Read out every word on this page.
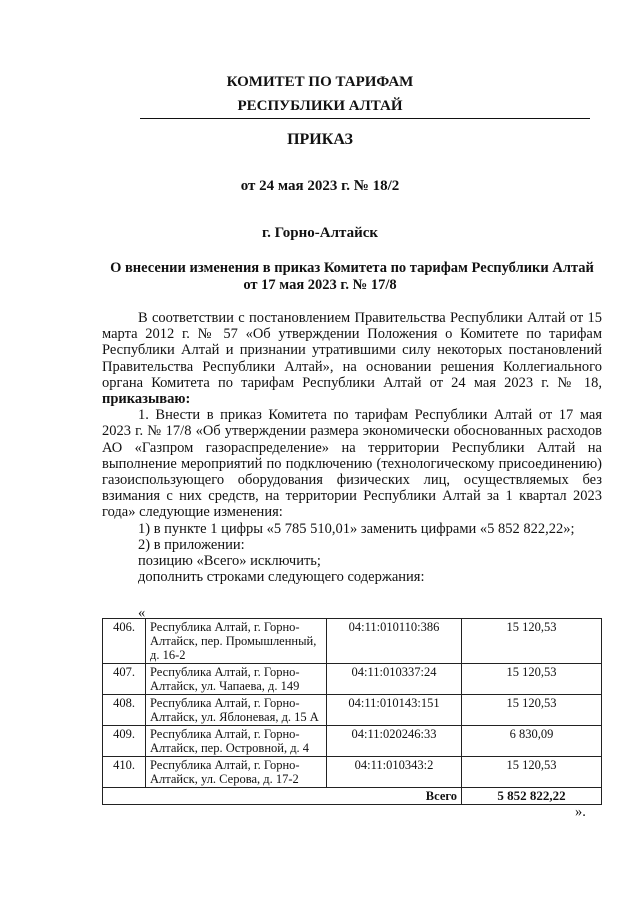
КОМИТЕТ ПО ТАРИФАМ
РЕСПУБЛИКИ АЛТАЙ
ПРИКАЗ
от 24 мая 2023 г. № 18/2
г. Горно-Алтайск
О внесении изменения в приказ Комитета по тарифам Республики Алтай
от 17 мая 2023 г. № 17/8

В соответствии с постановлением Правительства Республики Алтай от 15 марта 2012 г. № 57 «Об утверждении Положения о Комитете по тарифам Республики Алтай и признании утратившими силу некоторых постановлений Правительства Республики Алтай», на основании решения Коллегиального органа Комитета по тарифам Республики Алтай от 24 мая 2023 г. № 18, приказываю:

1. Внести в приказ Комитета по тарифам Республики Алтай от 17 мая 2023 г. № 17/8 «Об утверждении размера экономически обоснованных расходов АО «Газпром газораспределение» на территории Республики Алтай на выполнение мероприятий по подключению (технологическому присоединению) газоиспользующего оборудования физических лиц, осуществляемых без взимания с них средств, на территории Республики Алтай за 1 квартал 2023 года» следующие изменения:

1) в пункте 1 цифры «5 785 510,01» заменить цифрами «5 852 822,22»;

2) в приложении:

позицию «Всего» исключить;

дополнить строками следующего содержания:

«
406.	Республика Алтай, г. Горно-Алтайск, пер. Промышленный, д. 16-2	04:11:010110:386	15 120,53
407.	Республика Алтай, г. Горно-Алтайск, ул. Чапаева, д. 149	04:11:010337:24	15 120,53
408.	Республика Алтай, г. Горно-Алтайск, ул. Яблоневая, д. 15 А	04:11:010143:151	15 120,53
409.	Республика Алтай, г. Горно-Алтайск, пер. Островной, д. 4	04:11:020246:33	6 830,09
410.	Республика Алтай, г. Горно-Алтайск, ул. Серова, д. 17-2	04:11:010343:2	15 120,53
Всего			5 852 822,22
».
